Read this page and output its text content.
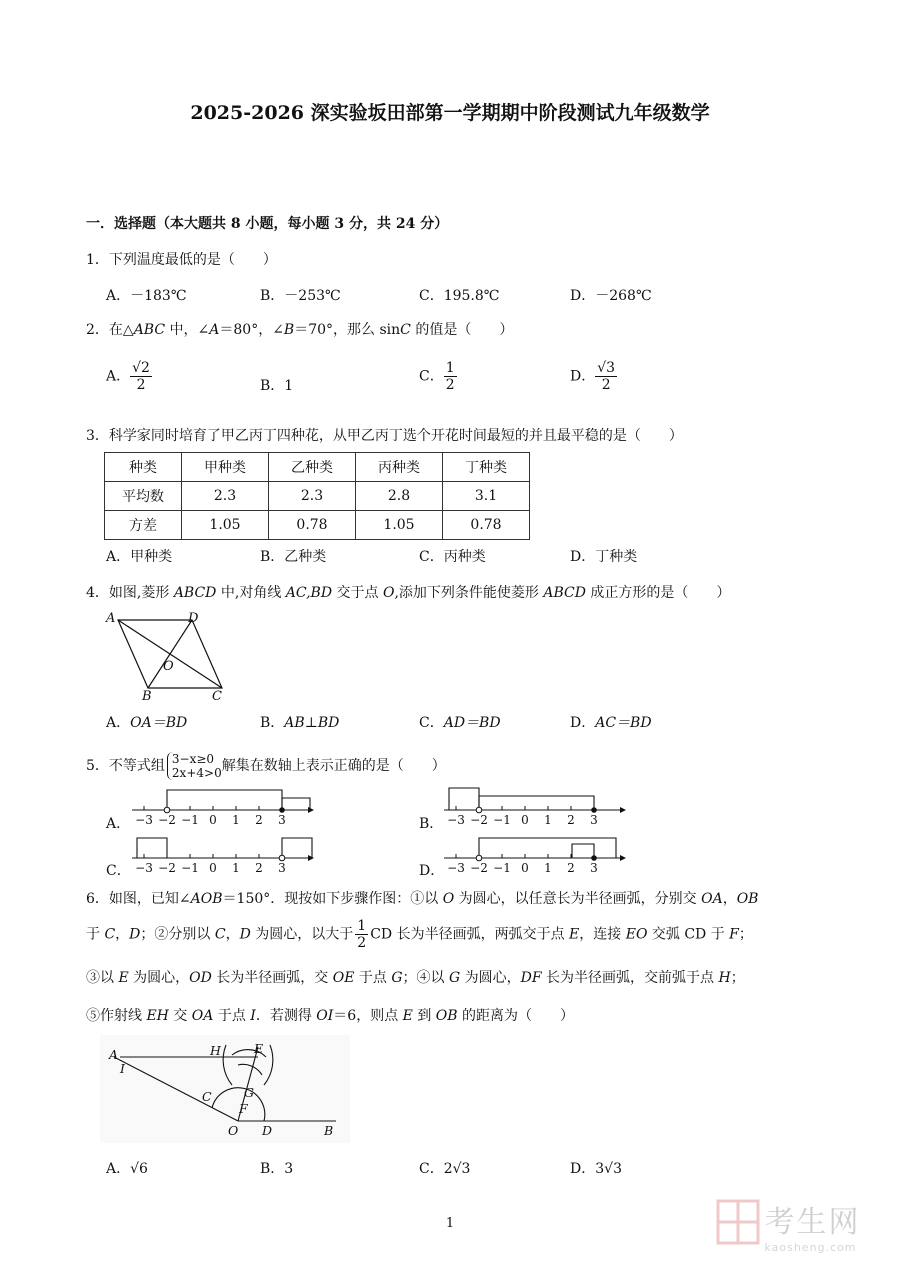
2025-2026 深实验坂田部第一学期期中阶段测试九年级数学
一．选择题（本大题共 8 小题，每小题 3 分，共 24 分）
1．下列温度最低的是（　　）
A．－183℃	B．－253℃	C．195.8℃	D．－268℃
2．在△ABC 中，∠A＝80°，∠B＝70°，那么 sinC 的值是（　　）
A． $\frac{√2}{2}$	B．1
C． $\frac{1}{2}$	D． $\frac{√3}{2}$
3．科学家同时培育了甲乙丙丁四种花，从甲乙丙丁选个开花时间最短的并且最平稳的是（　　）
种类	甲种类	乙种类	丙种类	丁种类
平均数	2.3	2.3	2.8	3.1
方差	1.05	0.78	1.05	0.78
A．甲种类	B．乙种类	C．丙种类	D．丁种类
4．如图,菱形 ABCD 中,对角线 AC,BD 交于点 O,添加下列条件能使菱形 ABCD 成正方形的是（　　）
A	D
O
B	C
A．OA＝BD	B．AB⊥BD	C．AD＝BD	D．AC＝BD
5．不等式组 3−x≥0
2x+4>0 解集在数轴上表示正确的是（　　）
A． −3 −2 −1 0 1 2 3	B． −3 −2 −1 0 1 2 3
C． −3 −2 −1 0 1 2 3	D． −3 −2 −1 0 1 2 3
6．如图，已知∠AOB＝150°．现按如下步骤作图：①以 O 为圆心，以任意长为半径画弧，分别交 OA，OB
于 C，D；②分别以 C，D 为圆心，以大于 $\frac{1}{2}$ CD 长为半径画弧，两弧交于点 E，连接 EO 交弧 CD 于 F；
③以 E 为圆心，OD 长为半径画弧，交 OE 于点 G；④以 G 为圆心，DF 长为半径画弧，交前弧于点 H；
⑤作射线 EH 交 OA 于点 I．若测得 OI＝6，则点 E 到 OB 的距离为（　　）
A
I
H	E
G
C
F
O D	B
A．√6	B．3	C．2√3	D．3√3
1
	考生网
kaosheng.com
